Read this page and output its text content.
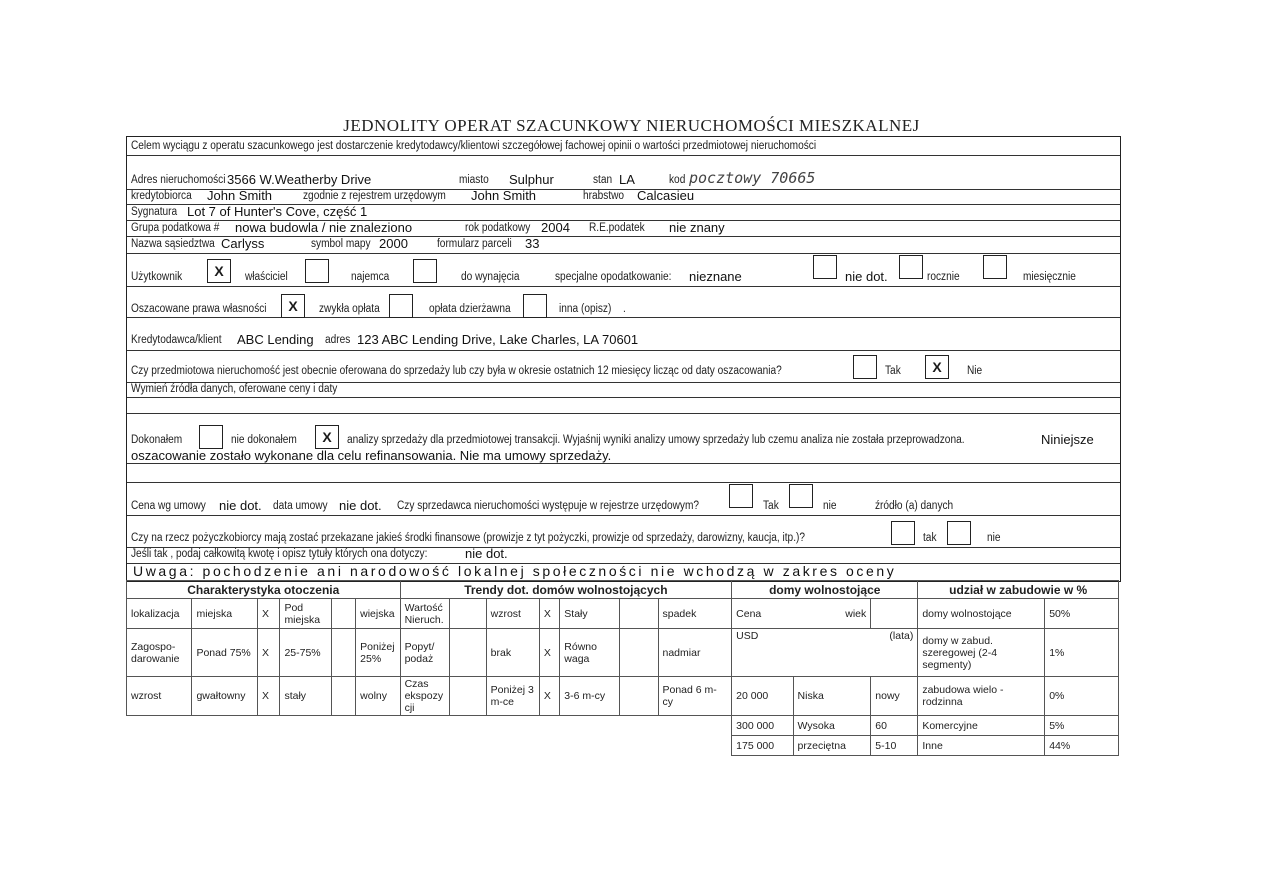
JEDNOLITY OPERAT SZACUNKOWY NIERUCHOMOŚCI MIESZKALNEJ
Celem wyciągu z operatu szacunkowego jest dostarczenie kredytodawcy/klientowi szczegółowej fachowej opinii o wartości przedmiotowej nieruchomości
Adres nieruchomości 3566 W.Weatherby Drive	miasto Sulphur	stan LA	kod pocztowy 70665
kredytobiorca John Smith	zgodnie z rejestrem urzędowym John Smith	hrabstwo Calcasieu
Sygnatura Lot 7 of Hunter's Cove, część 1
Grupa podatkowa # nowa budowla / nie znaleziono	rok podatkowy 2004 R.E.podatek nie znany
Nazwa sąsiedztwa Carlyss	symbol mapy 2000	formularz parceli 33
Użytkownik	X	właściciel	najemca	do wynajęcia	specjalne opodatkowanie: nieznane	nie dot.	rocznie	miesięcznie
Oszacowane prawa własności	X	zwykła opłata	opłata dzierżawna	inna (opisz) .
Kredytodawca/klient ABC Lending adres 123 ABC Lending Drive, Lake Charles, LA 70601
Czy przedmiotowa nieruchomość jest obecnie oferowana do sprzedaży lub czy była w okresie ostatnich 12 miesięcy licząc od daty oszacowania?	Tak	X	Nie
Wymień źródła danych, oferowane ceny i daty
Dokonałem	nie dokonałem	X	analizy sprzedaży dla przedmiotowej transakcji. Wyjaśnij wyniki analizy umowy sprzedaży lub czemu analiza nie została przeprowadzona.	Niniejsze
oszacowanie zostało wykonane dla celu refinansowania. Nie ma umowy sprzedaży.
Cena wg umowy nie dot. data umowy nie dot. Czy sprzedawca nieruchomości występuje w rejestrze urzędowym?	Tak	nie	źródło (a) danych
Czy na rzecz pożyczkobiorcy mają zostać przekazane jakieś środki finansowe (prowizje z tyt pożyczki, prowizje od sprzedaży, darowizny, kaucja, itp.)?	tak	nie
Jeśli tak , podaj całkowitą kwotę i opisz tytuły których ona dotyczy:	nie dot.
Uwaga: pochodzenie ani narodowość lokalnej społeczności nie wchodzą w zakres oceny
Charakterystyka otoczenia						Trendy dot. domów wolnostojących							domy wolnostojące			udział w zabudowie w %	
lokalizacja	miejska	X	Pod miejska		wiejska	Wartość Nieruch.		wzrost	X	Stały		spadek	Cena wiek			domy wolnostojące	50%
Zagospo-darowanie	Ponad 75%	X	25-75%		Poniżej 25%	Popyt/ podaż		brak	X	Równo waga		nadmiar	USD (lata)			domy w zabud. szeregowej (2-4 segmenty)	1%
wzrost	gwałtowny	X	stały		wolny	Czas ekspozy cji		Poniżej 3 m-ce	X	3-6 m-cy		Ponad 6 m-cy	20 000	Niska	nowy	zabudowa wielo - rodzinna	0%
													300 000	Wysoka	60	Komercyjne	5%
													175 000	przeciętna	5-10	Inne	44%
